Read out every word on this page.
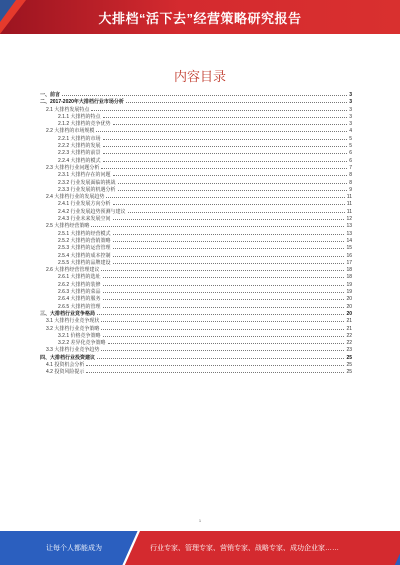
大排档“活下去”经营策略研究报告
内容目录
一、前言	3
二、2017-2020年大排档行业市场分析	3
2.1 大排档发展特点	3
2.1.1 大排档的特点	3
2.1.2 大排档的竞争优势	3
2.2 大排档的市场规模	4
2.2.1 大排档的市场	5
2.2.2 大排档的发展	5
2.2.3 大排档的前景	6
2.2.4 大排档的模式	6
2.3 大排档行业问题分析	7
2.3.1 大排档存在的问题	8
2.3.2 行业发展面临的挑战	8
2.3.3 行业发展的机遇分析	9
2.4 大排档行业的发展趋势	11
2.4.1 行业发展方向分析	11
2.4.2 行业发展趋势预测与建议	11
2.4.3 行业未来发展空间	12
2.5 大排档经营策略	13
2.5.1 大排档的经营模式	13
2.5.2 大排档的营销策略	14
2.5.3 大排档的运营管理	15
2.5.4 大排档的成本控制	16
2.5.5 大排档的品牌建设	17
2.6 大排档经营管理建议	18
2.6.1 大排档的选址	18
2.6.2 大排档的装修	19
2.6.3 大排档的菜品	19
2.6.4 大排档的服务	20
2.6.5 大排档的管理	20
三、大排档行业竞争格局	20
3.1 大排档行业竞争现状	21
3.2 大排档行业竞争策略	21
3.2.1 价格竞争策略	22
3.2.2 差异化竞争策略	22
3.3 大排档行业竞争趋势	23
四、大排档行业投资建议	25
4.1 投资机会分析	25
4.2 投资风险提示	25
1
让每个人都能成为	行业专家、管理专家、营销专家、战略专家、成功企业家……
